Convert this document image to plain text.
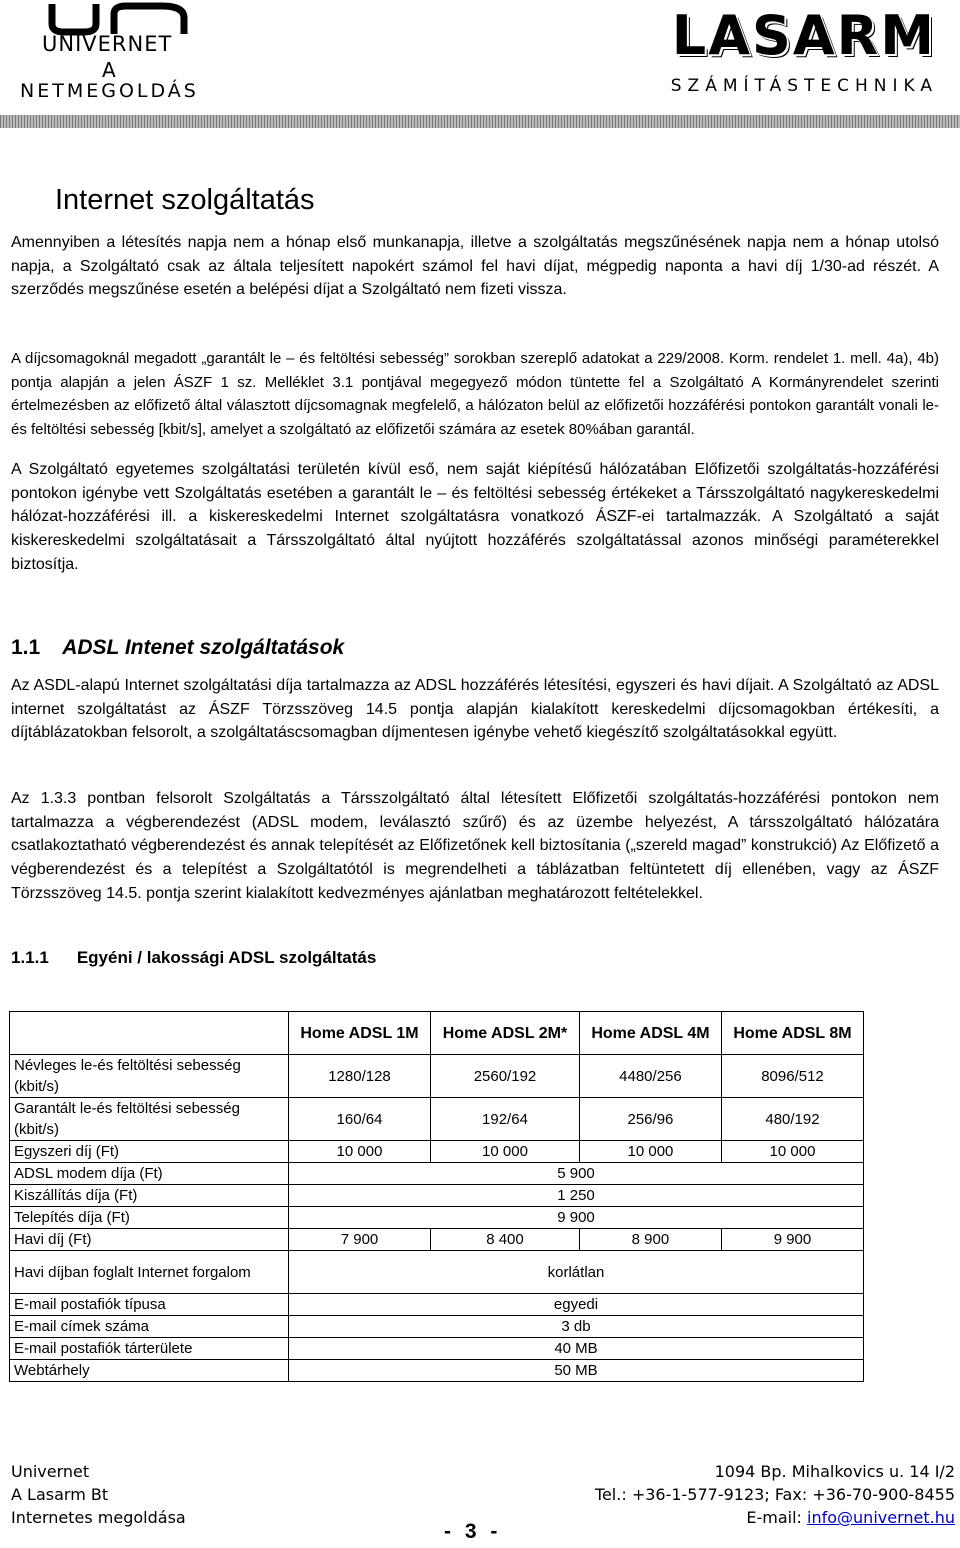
UNIVERNET
A
NETMEGOLDÁS
LASARM
SZÁMÍTÁSTECHNIKA
Internet szolgáltatás

Amennyiben a létesítés napja nem a hónap első munkanapja, illetve a szolgáltatás megszűnésének napja nem a hónap utolsó napja, a Szolgáltató csak az általa teljesített napokért számol fel havi díjat, mégpedig naponta a havi díj 1/30-ad részét. A szerződés megszűnése esetén a belépési díjat a Szolgáltató nem fizeti vissza.

A díjcsomagoknál megadott „garantált le – és feltöltési sebesség” sorokban szereplő adatokat a 229/2008. Korm. rendelet 1. mell. 4a), 4b) pontja alapján a jelen ÁSZF 1 sz. Melléklet 3.1 pontjával megegyező módon tüntette fel a Szolgáltató A Kormányrendelet szerinti értelmezésben az előfizető által választott díjcsomagnak megfelelő, a hálózaton belül az előfizetői hozzáférési pontokon garantált vonali le-és feltöltési sebesség [kbit/s], amelyet a szolgáltató az előfizetői számára az esetek 80%ában garantál.

A Szolgáltató egyetemes szolgáltatási területén kívül eső, nem saját kiépítésű hálózatában Előfizetői szolgáltatás-hozzáférési pontokon igénybe vett Szolgáltatás esetében a garantált le – és feltöltési sebesség értékeket a Társszolgáltató nagykereskedelmi hálózat-hozzáférési ill. a kiskereskedelmi Internet szolgáltatásra vonatkozó ÁSZF-ei tartalmazzák. A Szolgáltató a saját kiskereskedelmi szolgáltatásait a Társszolgáltató által nyújtott hozzáférés szolgáltatással azonos minőségi paraméterekkel biztosítja.

1.1 ADSL Intenet szolgáltatások

Az ASDL-alapú Internet szolgáltatási díja tartalmazza az ADSL hozzáférés létesítési, egyszeri és havi díjait. A Szolgáltató az ADSL internet szolgáltatást az ÁSZF Törzsszöveg 14.5 pontja alapján kialakított kereskedelmi díjcsomagokban értékesíti, a díjtáblázatokban felsorolt, a szolgáltatáscsomagban díjmentesen igénybe vehető kiegészítő szolgáltatásokkal együtt.

Az 1.3.3 pontban felsorolt Szolgáltatás a Társszolgáltató által létesített Előfizetői szolgáltatás-hozzáférési pontokon nem tartalmazza a végberendezést (ADSL modem, leválasztó szűrő) és az üzembe helyezést, A társszolgáltató hálózatára csatlakoztatható végberendezést és annak telepítését az Előfizetőnek kell biztosítania („szereld magad” konstrukció) Az Előfizető a végberendezést és a telepítést a Szolgáltatótól is megrendelheti a táblázatban feltüntetett díj ellenében, vagy az ÁSZF Törzsszöveg 14.5. pontja szerint kialakított kedvezményes ajánlatban meghatározott feltételekkel.

1.1.1 Egyéni / lakossági ADSL szolgáltatás
	Home ADSL 1M	Home ADSL 2M*	Home ADSL 4M	Home ADSL 8M
Névleges le-és feltöltési sebesség (kbit/s)	1280/128	2560/192	4480/256	8096/512
Garantált le-és feltöltési sebesség (kbit/s)	160/64	192/64	256/96	480/192
Egyszeri díj (Ft)	10 000	10 000	10 000	10 000
ADSL modem díja (Ft)	5 900			
Kiszállítás díja (Ft)	1 250			
Telepítés díja (Ft)	9 900			
Havi díj (Ft)	7 900	8 400	8 900	9 900
Havi díjban foglalt Internet forgalom	korlátlan			
E-mail postafiók típusa	egyedi			
E-mail címek száma	3 db			
E-mail postafiók tárterülete	40 MB			
Webtárhely	50 MB			
Univernet
A Lasarm Bt
Internetes megoldása
1094 Bp. Mihalkovics u. 14 I/2
Tel.: +36-1-577-9123; Fax: +36-70-900-8455
E-mail: info@univernet.hu
- 3 -
